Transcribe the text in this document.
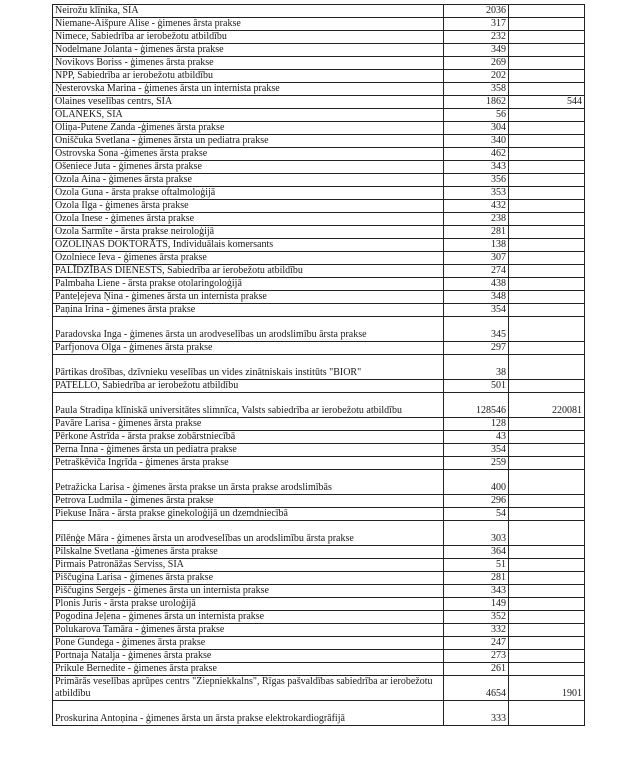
Neirožu klīnika, SIA	2036	
Niemane-Aišpure Alise - ģimenes ārsta prakse	317	
Nimece, Sabiedrība ar ierobežotu atbildību	232	
Nodelmane Jolanta - ģimenes ārsta prakse	349	
Novikovs Boriss - ģimenes ārsta prakse	269	
NPP, Sabiedrība ar ierobežotu atbildību	202	
Ņesterovska Marina - ģimenes ārsta un internista prakse	358	
Olaines veselības centrs, SIA	1862	544
OLANEKS, SIA	56	
Oliņa-Putene Zanda -ģimenes ārsta prakse	304	
Oniščuka Svetlana - ģimenes ārsta un pediatra prakse	340	
Ostrovska Sona -ģimenes ārsta prakse	462	
Ošeniece Juta - ģimenes ārsta prakse	343	
Ozola Aina - ģimenes ārsta prakse	356	
Ozola Guna - ārsta prakse oftalmoloģijā	353	
Ozola Ilga - ģimenes ārsta prakse	432	
Ozola Inese - ģimenes ārsta prakse	238	
Ozola Sarmīte - ārsta prakse neiroloģijā	281	
OZOLIŅAS DOKTORĀTS, Individuālais komersants	138	
Ozolniece Ieva - ģimenes ārsta prakse	307	
PALĪDZĪBAS DIENESTS, Sabiedrība ar ierobežotu atbildību	274	
Palmbaha Liene - ārsta prakse otolaringoloģijā	438	
Panteļejeva Ņina - ģimenes ārsta un internista prakse	348	
Paņina Irina - ģimenes ārsta prakse	354	
Paradovska Inga - ģimenes ārsta un arodveselības un arodslimību ārsta prakse	345	
Parfjonova Olga - ģimenes ārsta prakse	297	
Pārtikas drošības, dzīvnieku veselības un vides zinātniskais institūts "BIOR"	38	
PATELLO, Sabiedrība ar ierobežotu atbildību	501	
Paula Stradiņa klīniskā universitātes slimnīca, Valsts sabiedrība ar ierobežotu atbildību	128546	220081
Pavāre Larisa - ģimenes ārsta prakse	128	
Pērkone Astrīda - ārsta prakse zobārstniecībā	43	
Perna Inna - ģimenes ārsta un pediatra prakse	354	
Petraškēviča Ingrīda - ģimenes ārsta prakse	259	
Petražicka Larisa - ģimenes ārsta prakse un ārsta prakse arodslimībās	400	
Petrova Ludmila - ģimenes ārsta prakse	296	
Piekuse Ināra - ārsta prakse ginekoloģijā un dzemdniecībā	54	
Pīlēnģe Māra - ģimenes ārsta un arodveselības un arodslimību ārsta prakse	303	
Pilskalne Svetlana -ģimenes ārsta prakse	364	
Pirmais Patronāžas Serviss, SIA	51	
Piščugina Larisa - ģimenes ārsta prakse	281	
Piščugins Sergejs - ģimenes ārsta un internista prakse	343	
Plonis Juris - ārsta prakse uroloģijā	149	
Pogodina Jeļena - ģimenes ārsta un internista prakse	352	
Polukarova Tamāra - ģimenes ārsta prakse	332	
Pone Gundega - ģimenes ārsta prakse	247	
Portnaja Natalja - ģimenes ārsta prakse	273	
Prikule Bernedite - ģimenes ārsta prakse	261	
Primārās veselības aprūpes centrs "Ziepniekkalns", Rīgas pašvaldības sabiedrība ar ierobežotu atbildību	4654	1901
Proskurina Antoņina - ģimenes ārsta un ārsta prakse elektrokardiogrāfijā	333	
